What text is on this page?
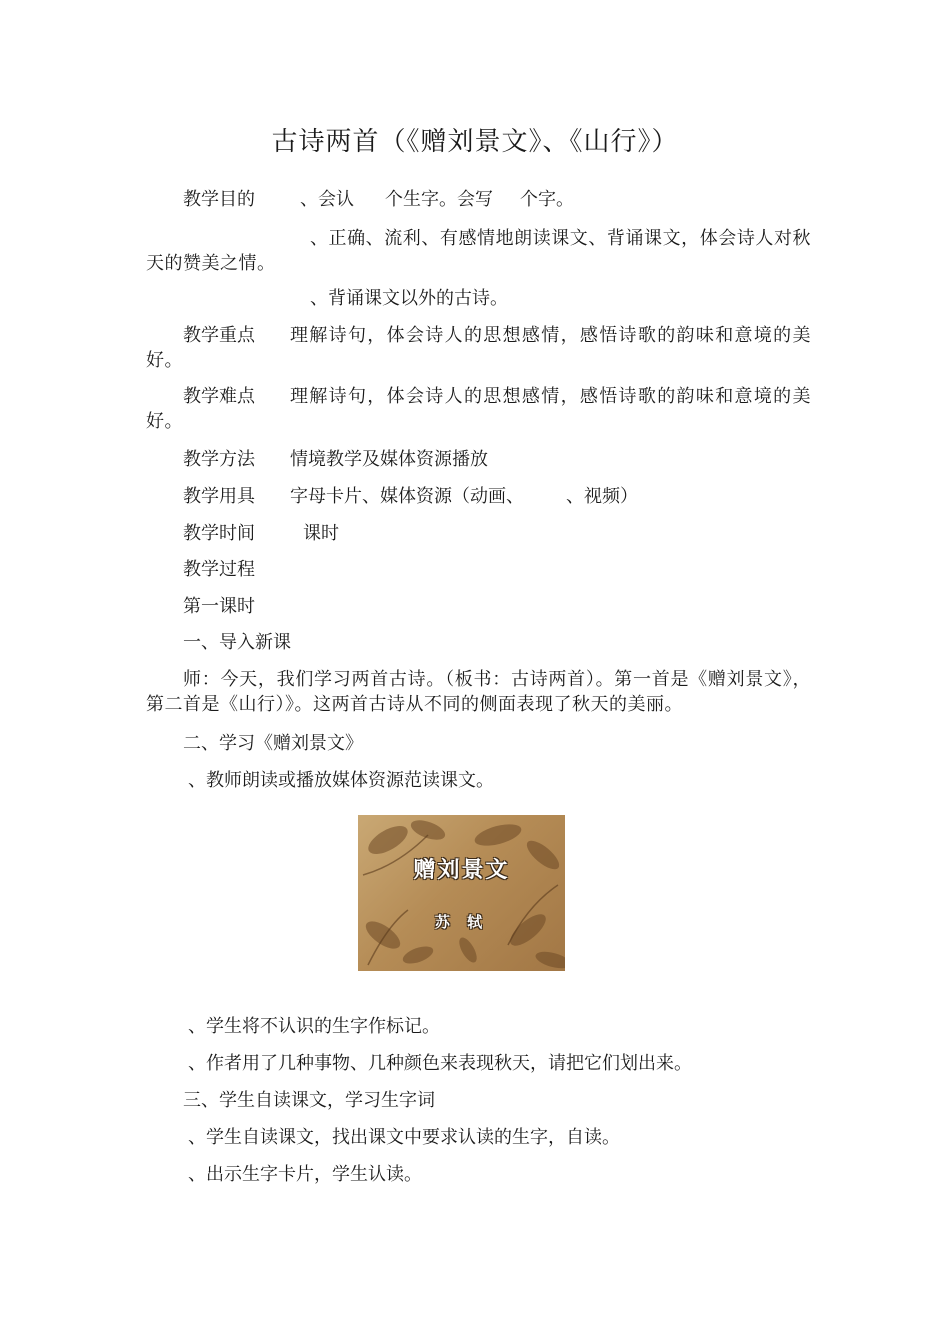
古诗两首（《赠刘景文》、《山行》）
教学目的	、会认 个生字。会写 个字。
、正确、流利、有感情地朗读课文、背诵课文，体会诗人对秋天的赞美之情。
、背诵课文以外的古诗。
教学重点	理解诗句，体会诗人的思想感情，感悟诗歌的韵味和意境的美好。
教学难点	理解诗句，体会诗人的思想感情，感悟诗歌的韵味和意境的美好。
教学方法 情境教学及媒体资源播放
教学用具 字母卡片、媒体资源（动画、 、视频）
教学时间	课时
教学过程
第一课时
一、导入新课
师：今天，我们学习两首古诗。（板书：古诗两首）。第一首是《赠刘景文》，第二首是《山行）》。这两首古诗从不同的侧面表现了秋天的美丽。
二、学习《赠刘景文》
、教师朗读或播放媒体资源范读课文。
赠刘景文
苏 轼
、学生将不认识的生字作标记。
、作者用了几种事物、几种颜色来表现秋天，请把它们划出来。
三、学生自读课文，学习生字词
、学生自读课文，找出课文中要求认读的生字，自读。
、出示生字卡片，学生认读。
